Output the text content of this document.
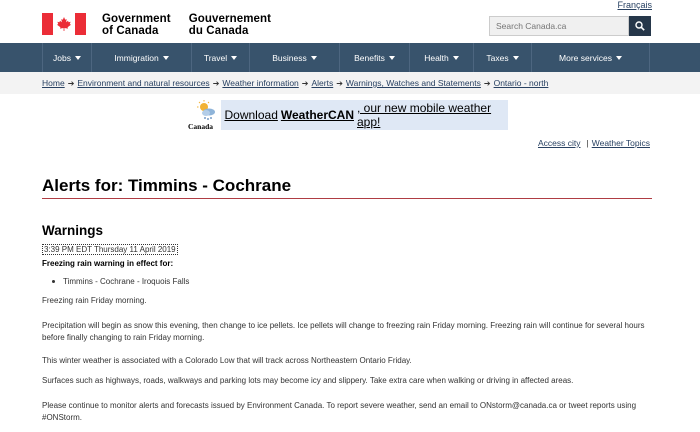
Français
Government
of Canada
Gouvernement
du Canada
Search Canada.ca
Jobs	Immigration	Travel	Business	Benefits	Health	Taxes	More services
Home ➔ Environment and natural resources ➔ Weather information ➔ Alerts ➔ Warnings, Watches and Statements ➔ Ontario - north
Canada
Download WeatherCAN , our new mobile weather app!
Access city | Weather Topics
Alerts for: Timmins - Cochrane
Warnings
3:39 PM EDT Thursday 11 April 2019
Freezing rain warning in effect for:
Timmins - Cochrane - Iroquois Falls

Freezing rain Friday morning.

Precipitation will begin as snow this evening, then change to ice pellets. Ice pellets will change to freezing rain Friday morning. Freezing rain will continue for several hours before finally changing to rain Friday morning.

This winter weather is associated with a Colorado Low that will track across Northeastern Ontario Friday.

Surfaces such as highways, roads, walkways and parking lots may become icy and slippery. Take extra care when walking or driving in affected areas.

Please continue to monitor alerts and forecasts issued by Environment Canada. To report severe weather, send an email to ONstorm@canada.ca or tweet reports using #ONStorm.
